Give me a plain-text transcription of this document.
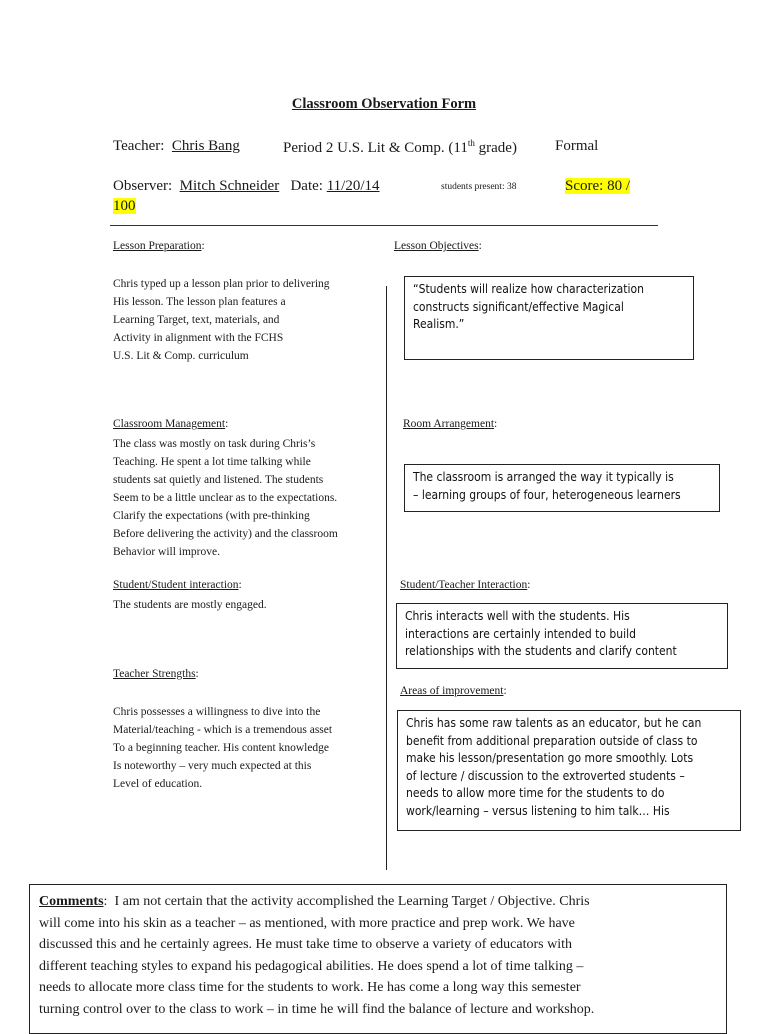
Classroom Observation Form
Teacher: Chris Bang	Period 2 U.S. Lit & Comp. (11th grade)	Formal
Observer: Mitch Schneider Date: 11/20/14	students present: 38	Score: 80 /
100
Lesson Preparation:
Chris typed up a lesson plan prior to delivering
His lesson. The lesson plan features a
Learning Target, text, materials, and
Activity in alignment with the FCHS
U.S. Lit & Comp. curriculum
Lesson Objectives:
“Students will realize how characterization
constructs significant/effective Magical
Realism.”
Classroom Management:
The class was mostly on task during Chris’s
Teaching. He spent a lot time talking while
students sat quietly and listened. The students
Seem to be a little unclear as to the expectations.
Clarify the expectations (with pre-thinking
Before delivering the activity) and the classroom
Behavior will improve.
Room Arrangement:
The classroom is arranged the way it typically is
– learning groups of four, heterogeneous learners
Student/Student interaction:
The students are mostly engaged.
Student/Teacher Interaction:
Chris interacts well with the students. His
interactions are certainly intended to build
relationships with the students and clarify content
Teacher Strengths:
Chris possesses a willingness to dive into the
Material/teaching - which is a tremendous asset
To a beginning teacher. His content knowledge
Is noteworthy – very much expected at this
Level of education.
Areas of improvement:
Chris has some raw talents as an educator, but he can
benefit from additional preparation outside of class to
make his lesson/presentation go more smoothly. Lots
of lecture / discussion to the extroverted students –
needs to allow more time for the students to do
work/learning – versus listening to him talk… His
Comments:  I am not certain that the activity accomplished the Learning Target / Objective. Chris
will come into his skin as a teacher – as mentioned, with more practice and prep work. We have
discussed this and he certainly agrees. He must take time to observe a variety of educators with
different teaching styles to expand his pedagogical abilities. He does spend a lot of time talking –
needs to allocate more class time for the students to work. He has come a long way this semester
turning control over to the class to work – in time he will find the balance of lecture and workshop.
